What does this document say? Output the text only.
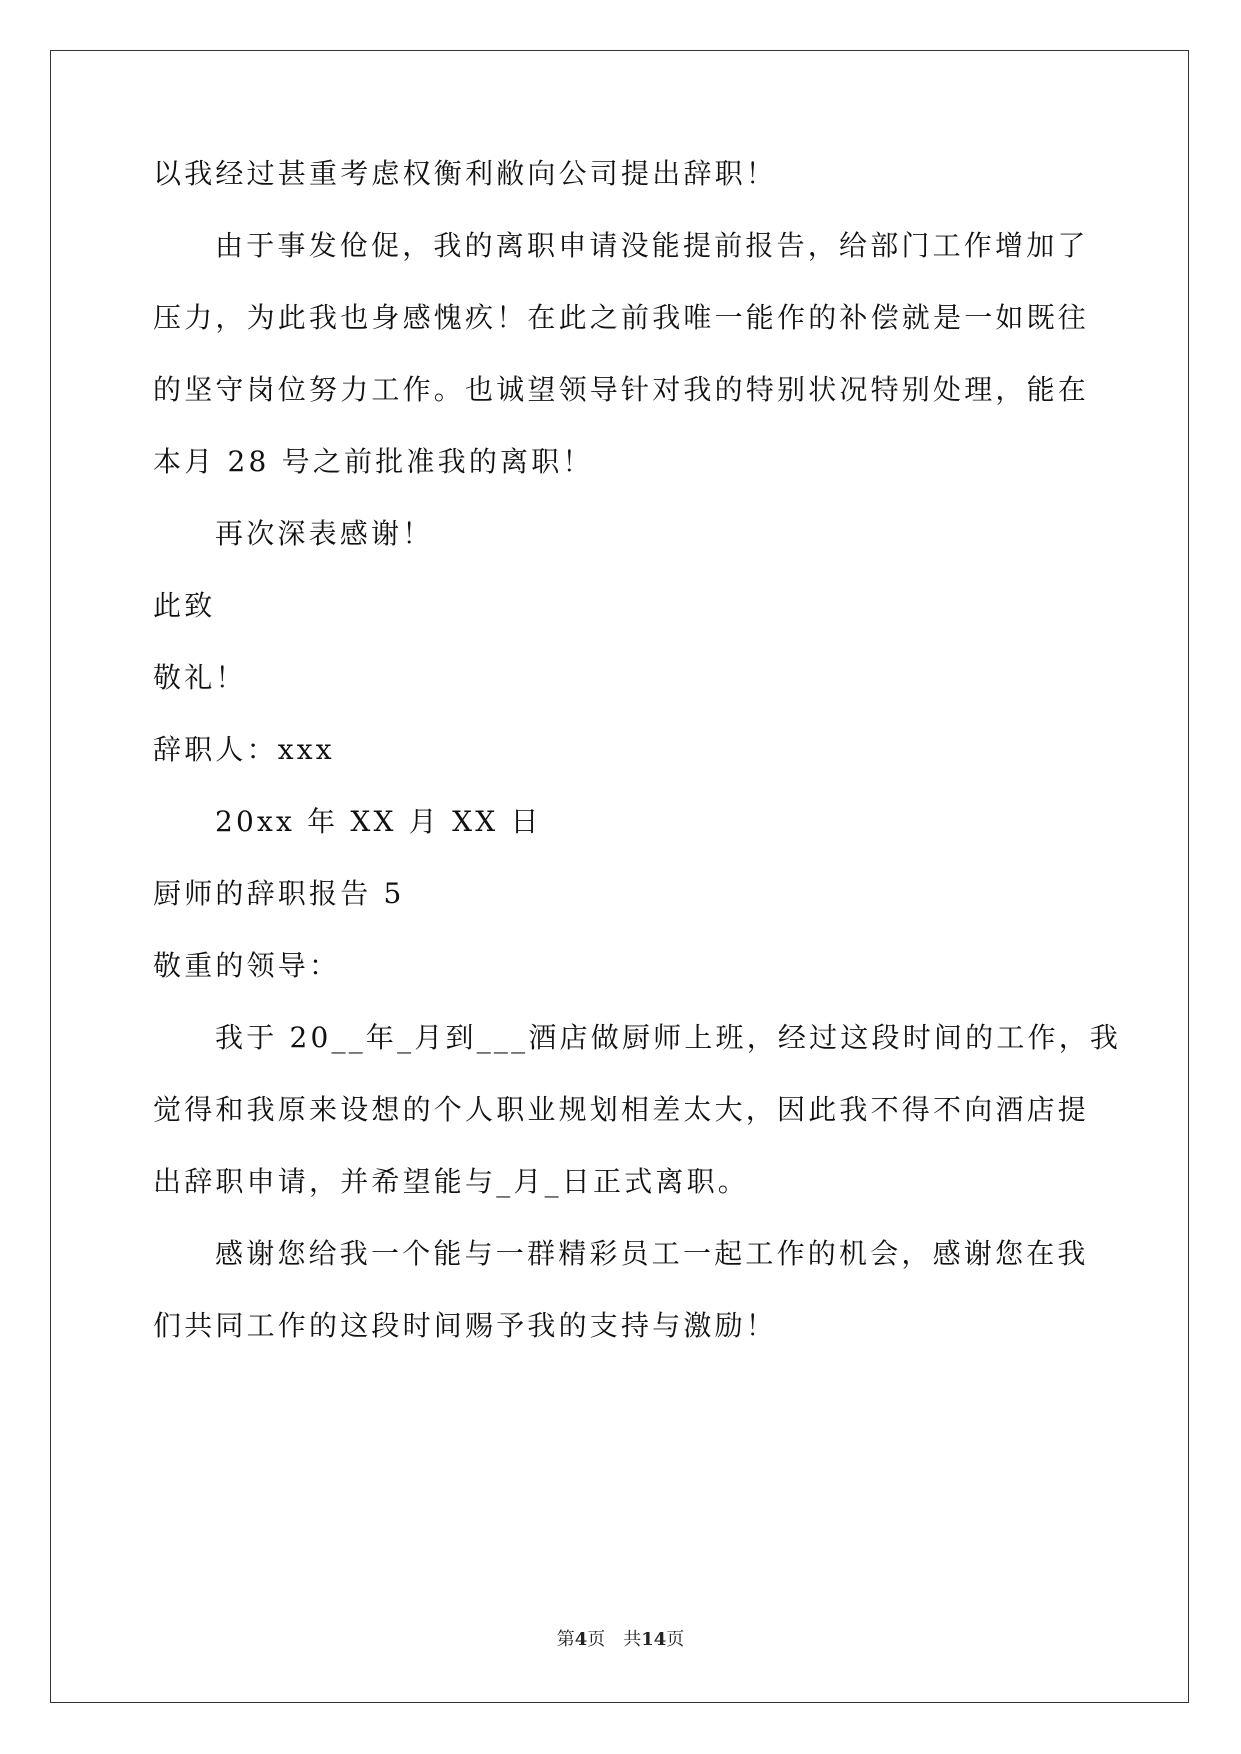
以我经过甚重考虑权衡利敝向公司提出辞职！
由于事发伧促，我的离职申请没能提前报告，给部门工作增加了
压力，为此我也身感愧疚！在此之前我唯一能作的补偿就是一如既往
的坚守岗位努力工作。也诚望领导针对我的特别状况特别处理，能在
本月 28 号之前批准我的离职！
再次深表感谢！
此致
敬礼！
辞职人：xxx
20xx 年 XX 月 XX 日
厨师的辞职报告 5
敬重的领导：
我于 20__年_月到___酒店做厨师上班，经过这段时间的工作，我
觉得和我原来设想的个人职业规划相差太大，因此我不得不向酒店提
出辞职申请，并希望能与_月_日正式离职。
感谢您给我一个能与一群精彩员工一起工作的机会，感谢您在我
们共同工作的这段时间赐予我的支持与激励！
第4页 共14页
